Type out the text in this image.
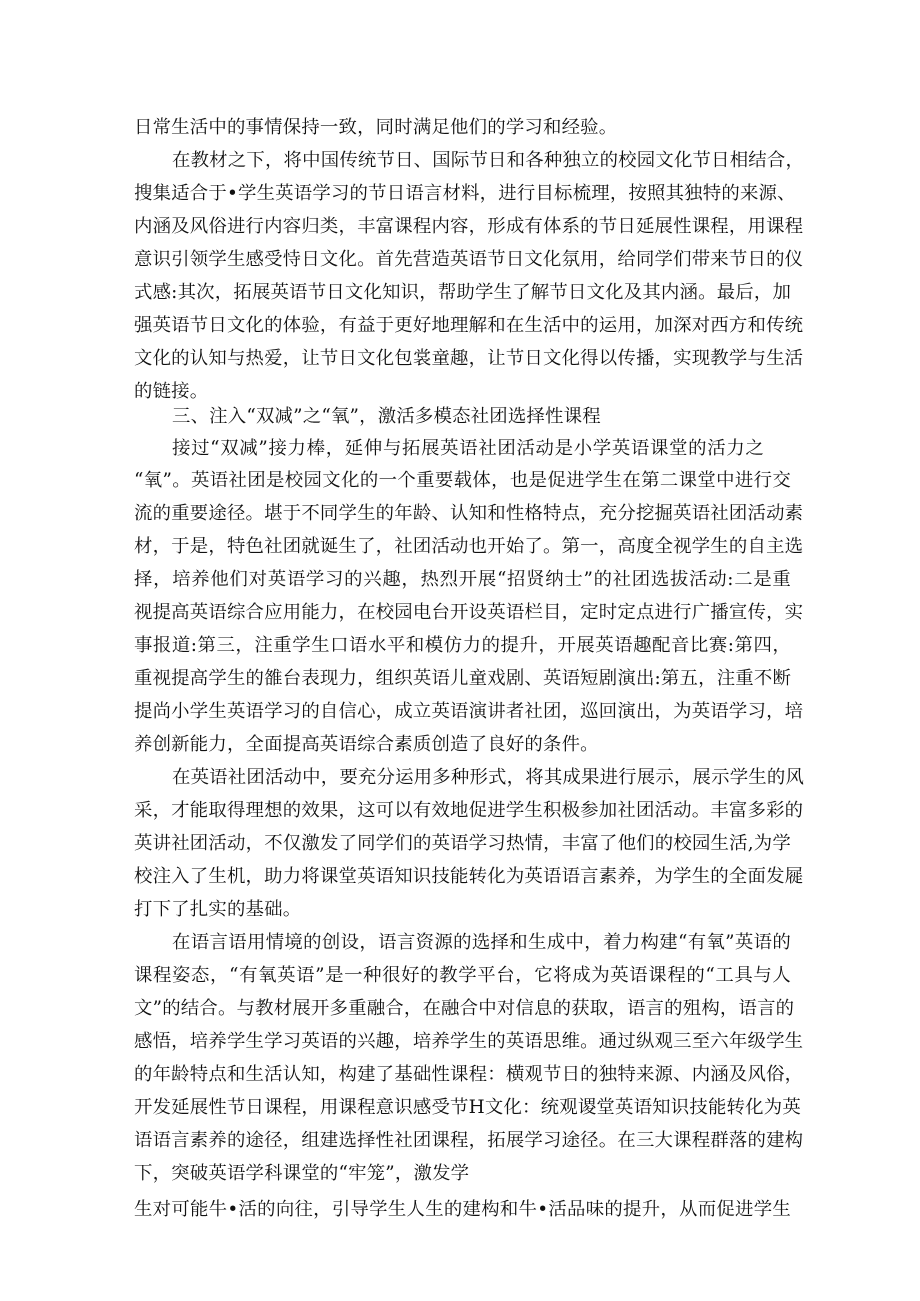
日常生活中的事情保持一致，同时满足他们的学习和经验。
在教材之下，将中国传统节日、国际节日和各种独立的校园文化节日相结合，
搜集适合于•学生英语学习的节日语言材料，进行目标梳理，按照其独特的来源、
内涵及风俗进行内容归类，丰富课程内容，形成有体系的节日延展性课程，用课程
意识引领学生感受恃日文化。首先营造英语节日文化氛用，给同学们带来节日的仪
式感:其次，拓展英语节日文化知识，帮助学生了解节日文化及其内涵。最后，加
强英语节日文化的体验，有益于更好地理解和在生活中的运用，加深对西方和传统
文化的认知与热爱，让节日文化包裳童趣，让节日文化得以传播，实现教学与生活
的链接。
三、注入“双减”之“氧”，激活多模态社团选择性课程
接过“双减”接力棒，延伸与拓展英语社团活动是小学英语课堂的活力之
“氧”。英语社团是校园文化的一个重要载体，也是促进学生在第二课堂中进行交
流的重要途径。堪于不同学生的年龄、认知和性格特点，充分挖掘英语社团活动素
材，于是，特色社团就诞生了，社团活动也开始了。第一，高度全视学生的自主选
择，培养他们对英语学习的兴趣，热烈开展“招贤纳士”的社团选拔活动:二是重
视提高英语综合应用能力，在校园电台开设英语栏目，定时定点进行广播宣传，实
事报道:第三，注重学生口语水平和模仿力的提升，开展英语趣配音比赛:第四，
重视提高学生的雒台表现力，组织英语儿童戏剧、英语短剧演出:第五，注重不断
提尚小学生英语学习的自信心，成立英语演讲者社团，巡回演出，为英语学习，培
养创新能力，全面提高英语综合素质创造了良好的条件。
在英语社团活动中，要充分运用多种形式，将其成果进行展示，展示学生的风
采，才能取得理想的效果，这可以有效地促进学生积极参加社团活动。丰富多彩的
英讲社团活动，不仅激发了同学们的英语学习热情，丰富了他们的校园生活,为学
校注入了生机，助力将课堂英语知识技能转化为英语语言素养，为学生的全面发屣
打下了扎实的基础。
在语言语用情境的创设，语言资源的选择和生成中，着力构建“有氧”英语的
课程姿态，“有氧英语”是一种很好的教学平台，它将成为英语课程的“工具与人
文”的结合。与教材展开多重融合，在融合中对信息的获取，语言的殂构，语言的
感悟，培养学生学习英语的兴趣，培养学生的英语思维。通过纵观三至六年级学生
的年龄特点和生活认知，构建了基础性课程：横观节日的独特来源、内涵及风俗，
开发延展性节日课程，用课程意识感受节H文化：统观谡堂英语知识技能转化为英
语语言素养的途径，组建选择性社团课程，拓展学习途径。在三大课程群落的建构
下，突破英语学科课堂的“牢笼”，激发学
生对可能牛•活的向往，引导学生人生的建构和牛•活品味的提升，从而促进学生
